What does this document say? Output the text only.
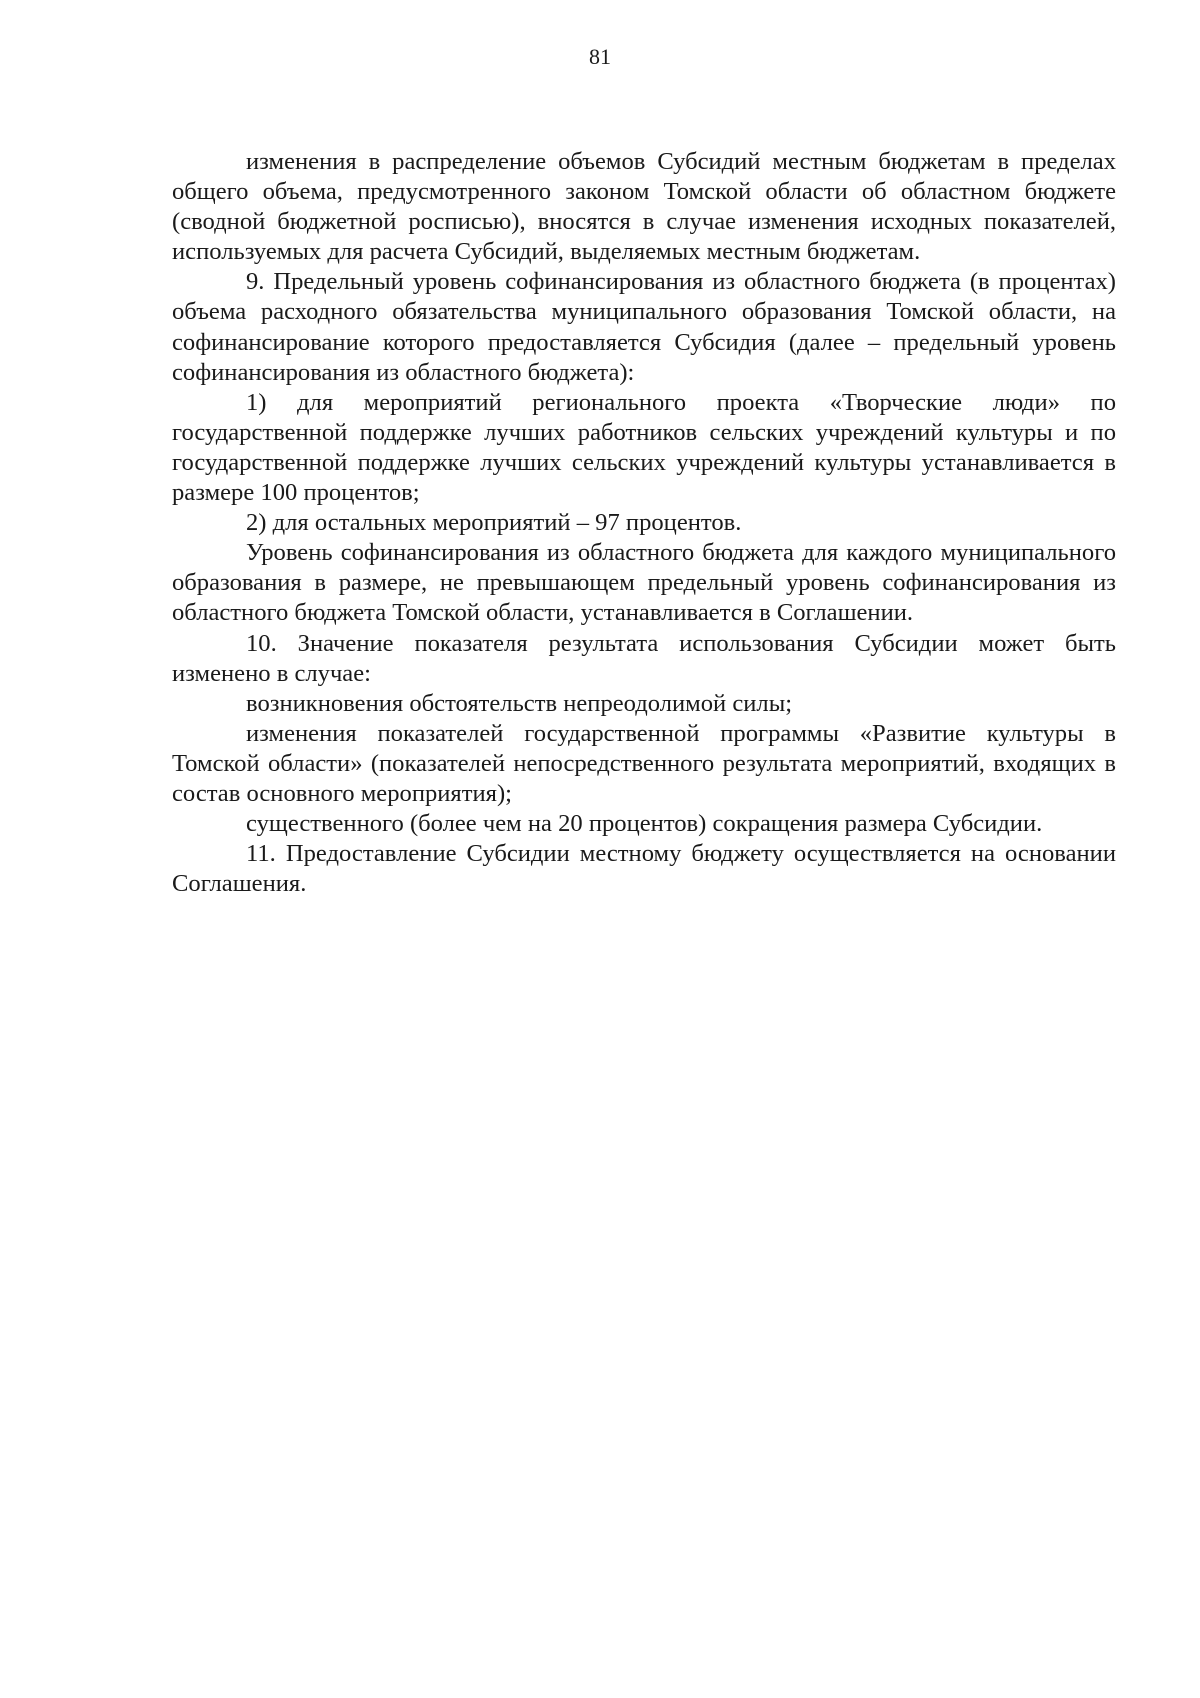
81

изменения в распределение объемов Субсидий местным бюджетам в пределах общего объема, предусмотренного законом Томской области об областном бюджете (сводной бюджетной росписью), вносятся в случае изменения исходных показателей, используемых для расчета Субсидий, выделяемых местным бюджетам.

9. Предельный уровень софинансирования из областного бюджета (в процентах) объема расходного обязательства муниципального образования Томской области, на софинансирование которого предоставляется Субсидия (далее – предельный уровень софинансирования из областного бюджета):

1) для мероприятий регионального проекта «Творческие люди» по государственной поддержке лучших работников сельских учреждений культуры и по государственной поддержке лучших сельских учреждений культуры устанавливается в размере 100 процентов;

2) для остальных мероприятий – 97 процентов.

Уровень софинансирования из областного бюджета для каждого муниципального образования в размере, не превышающем предельный уровень софинансирования из областного бюджета Томской области, устанавливается в Соглашении.

10. Значение показателя результата использования Субсидии может быть изменено в случае:

возникновения обстоятельств непреодолимой силы;

изменения показателей государственной программы «Развитие культуры в Томской области» (показателей непосредственного результата мероприятий, входящих в состав основного мероприятия);

существенного (более чем на 20 процентов) сокращения размера Субсидии.

11. Предоставление Субсидии местному бюджету осуществляется на основании Соглашения.
